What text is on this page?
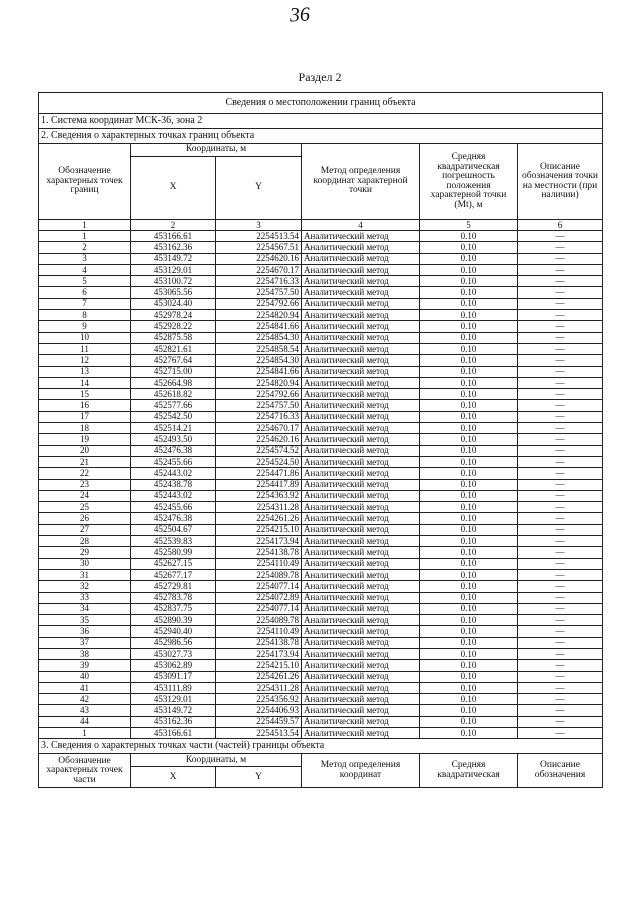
36
Раздел 2
Сведения о местоположении границ объекта					
1. Система координат МСК-36, зона 2					
2. Сведения о характерных точках границ объекта					
Обозначение характерных точек границ	Координаты, м		Метод определения координат характерной точки	Средняя квадратическая погрешность положения характерной точки (Mt), м	Описание обозначения точки на местности (при наличии)
	X	Y			
1	2	3	4	5	6
1	453166.61	2254513.54	Аналитический метод	0.10	—
2	453162.36	2254567.51	Аналитический метод	0.10	—
3	453149.72	2254620.16	Аналитический метод	0.10	—
4	453129.01	2254670.17	Аналитический метод	0.10	—
5	453100.72	2254716.33	Аналитический метод	0.10	—
6	453065.56	2254757.50	Аналитический метод	0.10	—
7	453024.40	2254792.66	Аналитический метод	0.10	—
8	452978.24	2254820.94	Аналитический метод	0.10	—
9	452928.22	2254841.66	Аналитический метод	0.10	—
10	452875.58	2254854.30	Аналитический метод	0.10	—
11	452821.61	2254858.54	Аналитический метод	0.10	—
12	452767.64	2254854.30	Аналитический метод	0.10	—
13	452715.00	2254841.66	Аналитический метод	0.10	—
14	452664.98	2254820.94	Аналитический метод	0.10	—
15	452618.82	2254792.66	Аналитический метод	0.10	—
16	452577.66	2254757.50	Аналитический метод	0.10	—
17	452542.50	2254716.33	Аналитический метод	0.10	—
18	452514.21	2254670.17	Аналитический метод	0.10	—
19	452493.50	2254620.16	Аналитический метод	0.10	—
20	452476.38	2254574.52	Аналитический метод	0.10	—
21	452455.66	2254524.50	Аналитический метод	0.10	—
22	452443.02	2254471.86	Аналитический метод	0.10	—
23	452438.78	2254417.89	Аналитический метод	0.10	—
24	452443.02	2254363.92	Аналитический метод	0.10	—
25	452455.66	2254311.28	Аналитический метод	0.10	—
26	452476.38	2254261.26	Аналитический метод	0.10	—
27	452504.67	2254215.10	Аналитический метод	0.10	—
28	452539.83	2254173.94	Аналитический метод	0.10	—
29	452580.99	2254138.78	Аналитический метод	0.10	—
30	452627.15	2254110.49	Аналитический метод	0.10	—
31	452677.17	2254089.78	Аналитический метод	0.10	—
32	452729.81	2254077.14	Аналитический метод	0.10	—
33	452783.78	2254072.89	Аналитический метод	0.10	—
34	452837.75	2254077.14	Аналитический метод	0.10	—
35	452890.39	2254089.78	Аналитический метод	0.10	—
36	452940.40	2254110.49	Аналитический метод	0.10	—
37	452986.56	2254138.78	Аналитический метод	0.10	—
38	453027.73	2254173.94	Аналитический метод	0.10	—
39	453062.89	2254215.10	Аналитический метод	0.10	—
40	453091.17	2254261.26	Аналитический метод	0.10	—
41	453111.89	2254311.28	Аналитический метод	0.10	—
42	453129.01	2254356.92	Аналитический метод	0.10	—
43	453149.72	2254406.93	Аналитический метод	0.10	—
44	453162.36	2254459.57	Аналитический метод	0.10	—
1	453166.61	2254513.54	Аналитический метод	0.10	—
3. Сведения о характерных точках части (частей) границы объекта					
Обозначение характерных точек части	Координаты, м		Метод определения координат	Средняя квадратическая	Описание обозначения
	X	Y			
